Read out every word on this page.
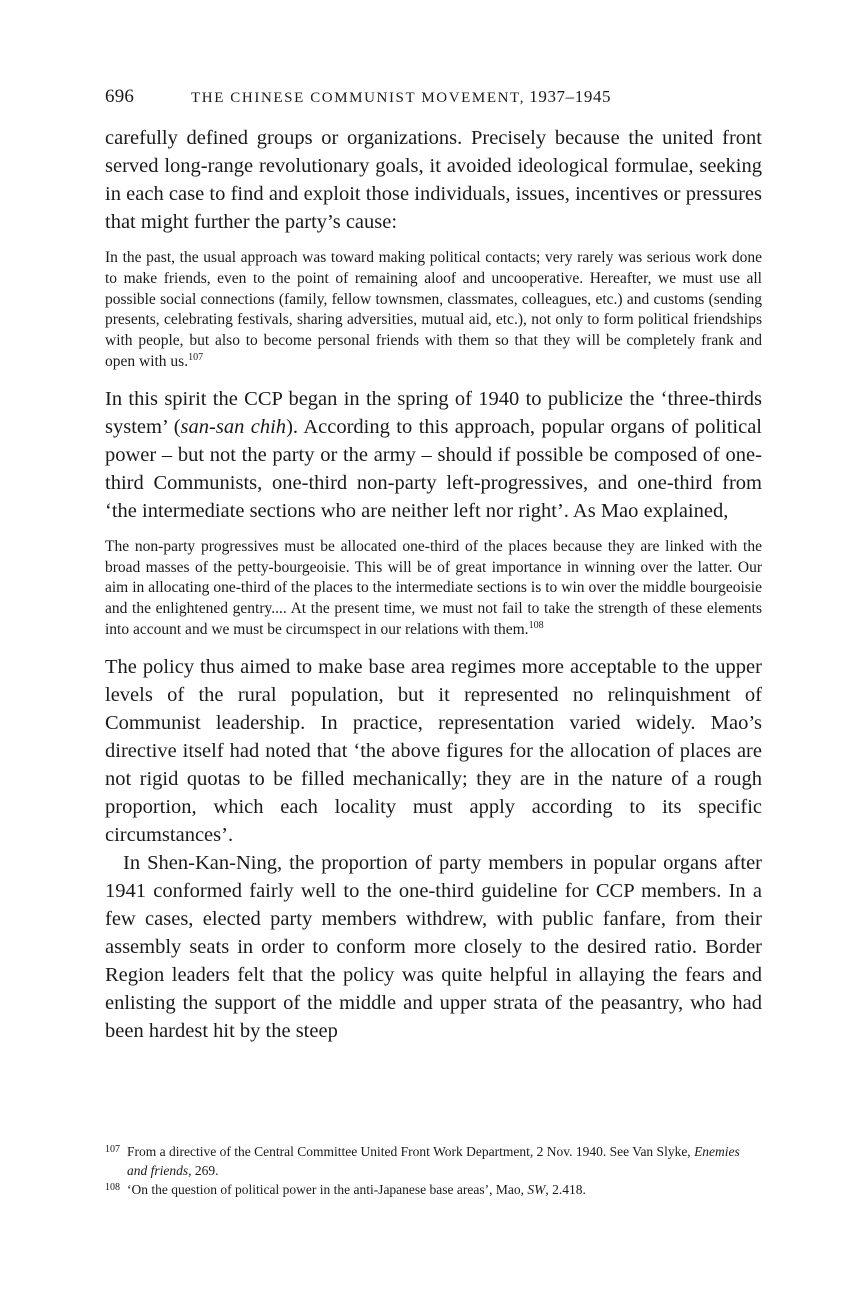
696	THE CHINESE COMMUNIST MOVEMENT, 1937–1945

carefully defined groups or organizations. Precisely because the united front served long-range revolutionary goals, it avoided ideological formulae, seeking in each case to find and exploit those individuals, issues, incentives or pressures that might further the party’s cause:

In the past, the usual approach was toward making political contacts; very rarely was serious work done to make friends, even to the point of remaining aloof and uncooperative. Hereafter, we must use all possible social connections (family, fellow townsmen, classmates, colleagues, etc.) and customs (sending presents, celebrating festivals, sharing adversities, mutual aid, etc.), not only to form political friendships with people, but also to become personal friends with them so that they will be completely frank and open with us.$^{107}$

In this spirit the CCP began in the spring of 1940 to publicize the ‘three-thirds system’ (san-san chih). According to this approach, popular organs of political power – but not the party or the army – should if possible be composed of one-third Communists, one-third non-party left-progressives, and one-third from ‘the intermediate sections who are neither left nor right’. As Mao explained,

The non-party progressives must be allocated one-third of the places because they are linked with the broad masses of the petty-bourgeoisie. This will be of great importance in winning over the latter. Our aim in allocating one-third of the places to the intermediate sections is to win over the middle bourgeoisie and the enlightened gentry.... At the present time, we must not fail to take the strength of these elements into account and we must be circumspect in our relations with them.$^{108}$

The policy thus aimed to make base area regimes more acceptable to the upper levels of the rural population, but it represented no relinquishment of Communist leadership. In practice, representation varied widely. Mao’s directive itself had noted that ‘the above figures for the allocation of places are not rigid quotas to be filled mechanically; they are in the nature of a rough proportion, which each locality must apply according to its specific circumstances’.

In Shen-Kan-Ning, the proportion of party members in popular organs after 1941 conformed fairly well to the one-third guideline for CCP members. In a few cases, elected party members withdrew, with public fanfare, from their assembly seats in order to conform more closely to the desired ratio. Border Region leaders felt that the policy was quite helpful in allaying the fears and enlisting the support of the middle and upper strata of the peasantry, who had been hardest hit by the steep

107 From a directive of the Central Committee United Front Work Department, 2 Nov. 1940. See Van Slyke, Enemies and friends, 269.

108 ‘On the question of political power in the anti-Japanese base areas’, Mao, SW, 2.418.
